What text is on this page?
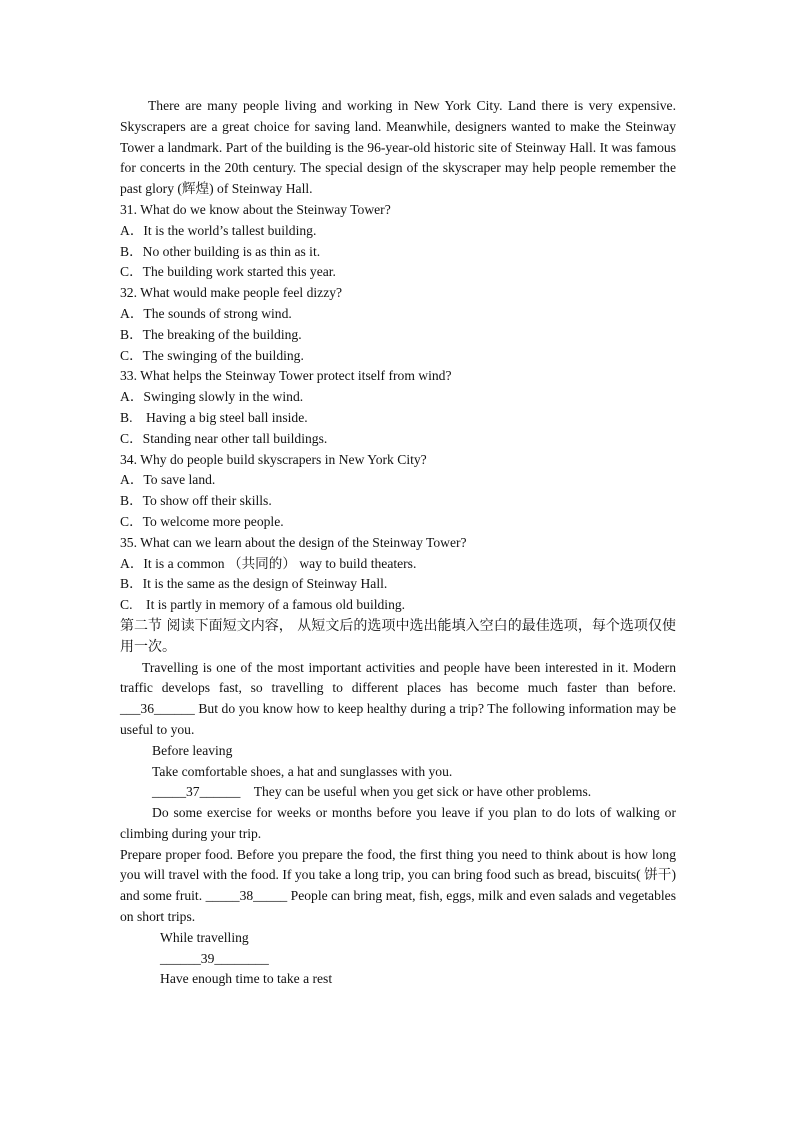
There are many people living and working in New York City. Land there is very expensive. Skyscrapers are a great choice for saving land. Meanwhile, designers wanted to make the Steinway Tower a landmark. Part of the building is the 96-year-old historic site of Steinway Hall. It was famous for concerts in the 20th century. The special design of the skyscraper may help people remember the past glory (辉煌) of Steinway Hall.
31. What do we know about the Steinway Tower?
A．It is the world’s tallest building.
B．No other building is as thin as it.
C．The building work started this year.
32. What would make people feel dizzy?
A．The sounds of strong wind.
B．The breaking of the building.
C．The swinging of the building.
33. What helps the Steinway Tower protect itself from wind?
A．Swinging slowly in the wind.
B.    Having a big steel ball inside.
C．Standing near other tall buildings.
34. Why do people build skyscrapers in New York City?
A．To save land.
B．To show off their skills.
C．To welcome more people.
35. What can we learn about the design of the Steinway Tower?
A．It is a common （共同的） way to build theaters.
B．It is the same as the design of Steinway Hall.
C.    It is partly in memory of a famous old building.
第二节 阅读下面短文内容， 从短文后的选项中选出能填入空白的最佳选项，每个选项仅使用一次。
Travelling is one of the most important activities and people have been interested in it. Modern traffic develops fast, so travelling to different places has become much faster than before. ___36______ But do you know how to keep healthy during a trip? The following information may be useful to you.
Before leaving
Take comfortable shoes, a hat and sunglasses with you.
_____37______    They can be useful when you get sick or have other problems.
Do some exercise for weeks or months before you leave if you plan to do lots of walking or climbing during your trip.
Prepare proper food. Before you prepare the food, the first thing you need to think about is how long you will travel with the food. If you take a long trip, you can bring food such as bread, biscuits( 饼干) and some fruit. _____38_____ People can bring meat, fish, eggs, milk and even salads and vegetables on short trips.
While travelling
______39________
Have enough time to take a rest
